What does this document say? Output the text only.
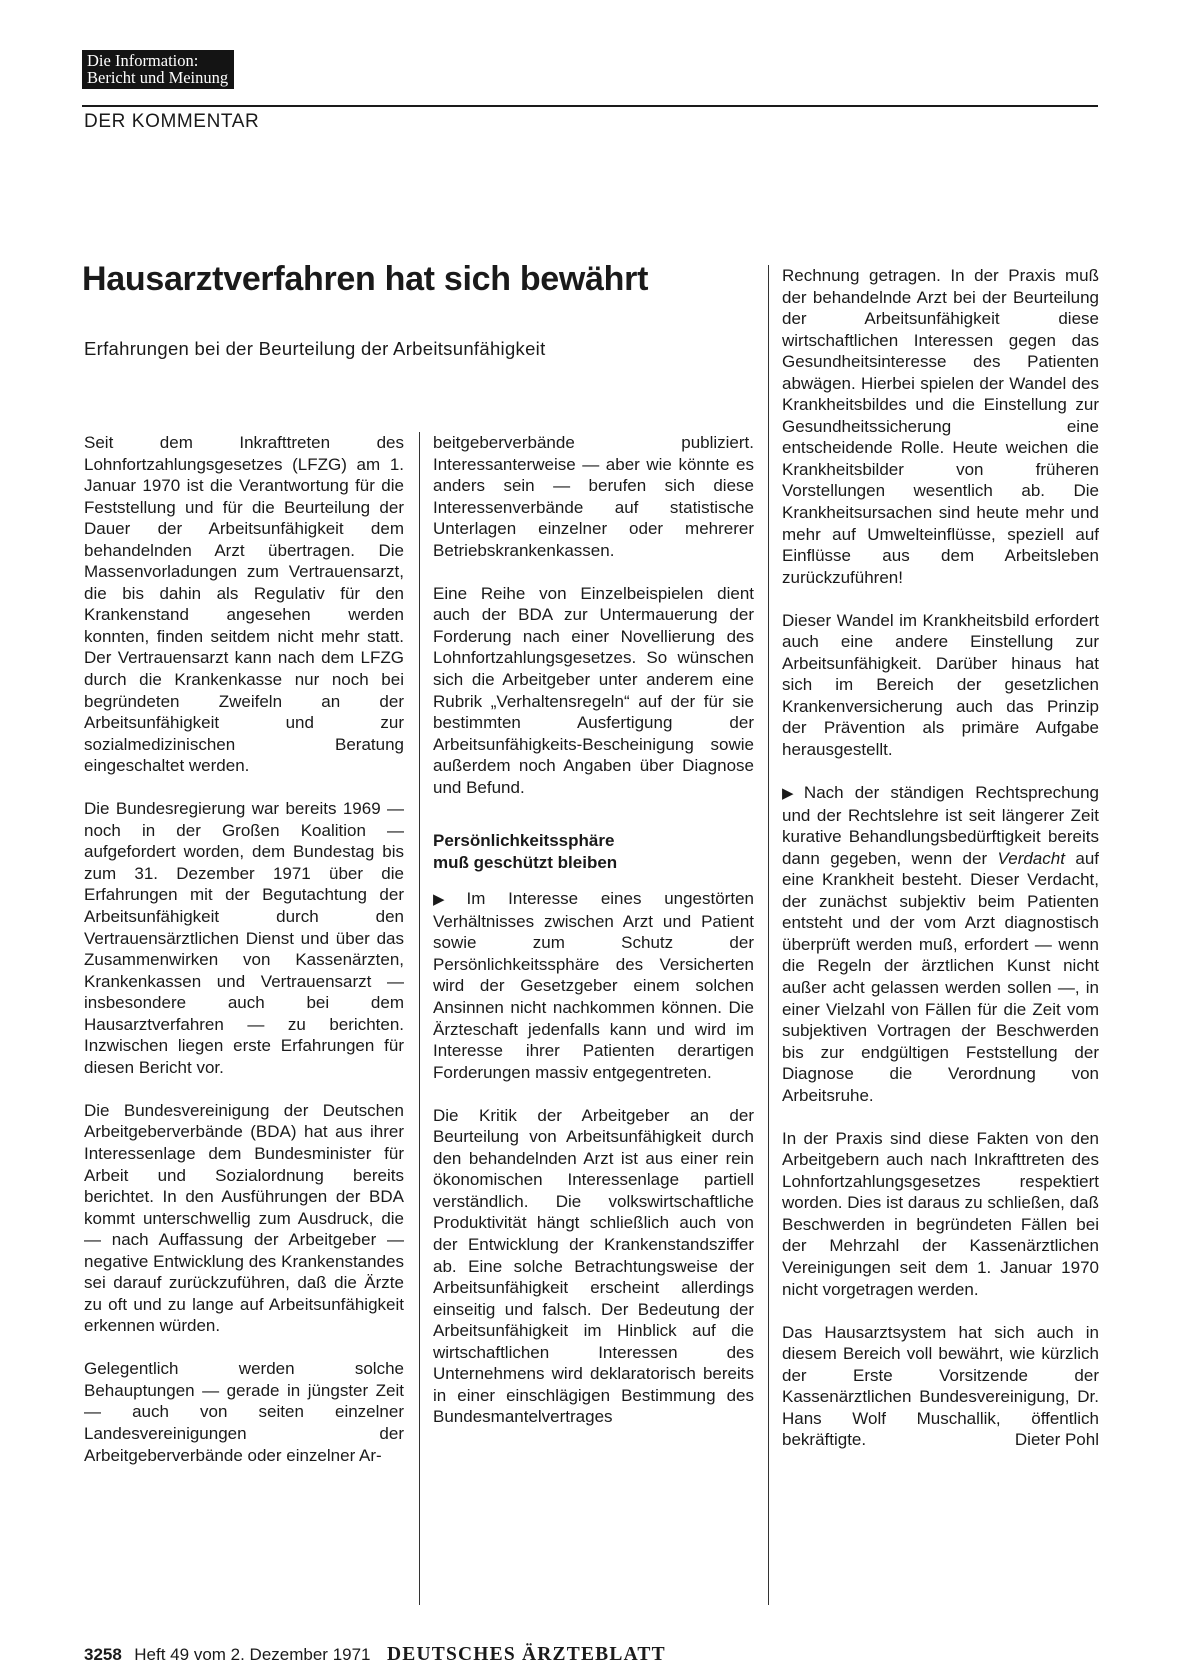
Die Information:
Bericht und Meinung
DER KOMMENTAR
Hausarztverfahren hat sich bewährt
Erfahrungen bei der Beurteilung der Arbeitsunfähigkeit

Seit dem Inkrafttreten des Lohnfortzahlungsgesetzes (LFZG) am 1. Januar 1970 ist die Verantwortung für die Feststellung und für die Beurteilung der Dauer der Arbeitsunfähigkeit dem behandelnden Arzt übertragen. Die Massenvorladungen zum Vertrauensarzt, die bis dahin als Regulativ für den Krankenstand angesehen werden konnten, finden seitdem nicht mehr statt. Der Vertrauensarzt kann nach dem LFZG durch die Krankenkasse nur noch bei begründeten Zweifeln an der Arbeitsunfähigkeit und zur sozialmedizinischen Beratung eingeschaltet werden.

Die Bundesregierung war bereits 1969 — noch in der Großen Koalition — aufgefordert worden, dem Bundestag bis zum 31. Dezember 1971 über die Erfahrungen mit der Begutachtung der Arbeitsunfähigkeit durch den Vertrauensärztlichen Dienst und über das Zusammenwirken von Kassenärzten, Krankenkassen und Vertrauensarzt — insbesondere auch bei dem Hausarztverfahren — zu berichten. Inzwischen liegen erste Erfahrungen für diesen Bericht vor.

Die Bundesvereinigung der Deutschen Arbeitgeberverbände (BDA) hat aus ihrer Interessenlage dem Bundesminister für Arbeit und Sozialordnung bereits berichtet. In den Ausführungen der BDA kommt unterschwellig zum Ausdruck, die — nach Auffassung der Arbeitgeber — negative Entwicklung des Krankenstandes sei darauf zurückzuführen, daß die Ärzte zu oft und zu lange auf Arbeitsunfähigkeit erkennen würden.

Gelegentlich werden solche Behauptungen — gerade in jüngster Zeit — auch von seiten einzelner Landesvereinigungen der Arbeitgeberverbände oder einzelner Ar-

beitgeberverbände publiziert. Interessanterweise — aber wie könnte es anders sein — berufen sich diese Interessenverbände auf statistische Unterlagen einzelner oder mehrerer Betriebskrankenkassen.

Eine Reihe von Einzelbeispielen dient auch der BDA zur Untermauerung der Forderung nach einer Novellierung des Lohnfortzahlungsgesetzes. So wünschen sich die Arbeitgeber unter anderem eine Rubrik „Verhaltensregeln“ auf der für sie bestimmten Ausfertigung der Arbeitsunfähigkeits-Bescheinigung sowie außerdem noch Angaben über Diagnose und Befund.

Persönlichkeitssphäre
muß geschützt bleiben

▶ Im Interesse eines ungestörten Verhältnisses zwischen Arzt und Patient sowie zum Schutz der Persönlichkeitssphäre des Versicherten wird der Gesetzgeber einem solchen Ansinnen nicht nachkommen können. Die Ärzteschaft jedenfalls kann und wird im Interesse ihrer Patienten derartigen Forderungen massiv entgegentreten.

Die Kritik der Arbeitgeber an der Beurteilung von Arbeitsunfähigkeit durch den behandelnden Arzt ist aus einer rein ökonomischen Interessenlage partiell verständlich. Die volkswirtschaftliche Produktivität hängt schließlich auch von der Entwicklung der Krankenstandsziffer ab. Eine solche Betrachtungsweise der Arbeitsunfähigkeit erscheint allerdings einseitig und falsch. Der Bedeutung der Arbeitsunfähigkeit im Hinblick auf die wirtschaftlichen Interessen des Unternehmens wird deklaratorisch bereits in einer einschlägigen Bestimmung des Bundesmantelvertrages

Rechnung getragen. In der Praxis muß der behandelnde Arzt bei der Beurteilung der Arbeitsunfähigkeit diese wirtschaftlichen Interessen gegen das Gesundheitsinteresse des Patienten abwägen. Hierbei spielen der Wandel des Krankheitsbildes und die Einstellung zur Gesundheitssicherung eine entscheidende Rolle. Heute weichen die Krankheitsbilder von früheren Vorstellungen wesentlich ab. Die Krankheitsursachen sind heute mehr und mehr auf Umwelteinflüsse, speziell auf Einflüsse aus dem Arbeitsleben zurückzuführen!

Dieser Wandel im Krankheitsbild erfordert auch eine andere Einstellung zur Arbeitsunfähigkeit. Darüber hinaus hat sich im Bereich der gesetzlichen Krankenversicherung auch das Prinzip der Prävention als primäre Aufgabe herausgestellt.

▶ Nach der ständigen Rechtsprechung und der Rechtslehre ist seit längerer Zeit kurative Behandlungsbedürftigkeit bereits dann gegeben, wenn der Verdacht auf eine Krankheit besteht. Dieser Verdacht, der zunächst subjektiv beim Patienten entsteht und der vom Arzt diagnostisch überprüft werden muß, erfordert — wenn die Regeln der ärztlichen Kunst nicht außer acht gelassen werden sollen —, in einer Vielzahl von Fällen für die Zeit vom subjektiven Vortragen der Beschwerden bis zur endgültigen Feststellung der Diagnose die Verordnung von Arbeitsruhe.

In der Praxis sind diese Fakten von den Arbeitgebern auch nach Inkrafttreten des Lohnfortzahlungsgesetzes respektiert worden. Dies ist daraus zu schließen, daß Beschwerden in begründeten Fällen bei der Mehrzahl der Kassenärztlichen Vereinigungen seit dem 1. Januar 1970 nicht vorgetragen werden.

Das Hausarztsystem hat sich auch in diesem Bereich voll bewährt, wie kürzlich der Erste Vorsitzende der Kassenärztlichen Bundesvereinigung, Dr. Hans Wolf Muschallik, öffentlich bekräftigte.	Dieter Pohl

3258 Heft 49 vom 2. Dezember 1971 DEUTSCHES ÄRZTEBLATT
